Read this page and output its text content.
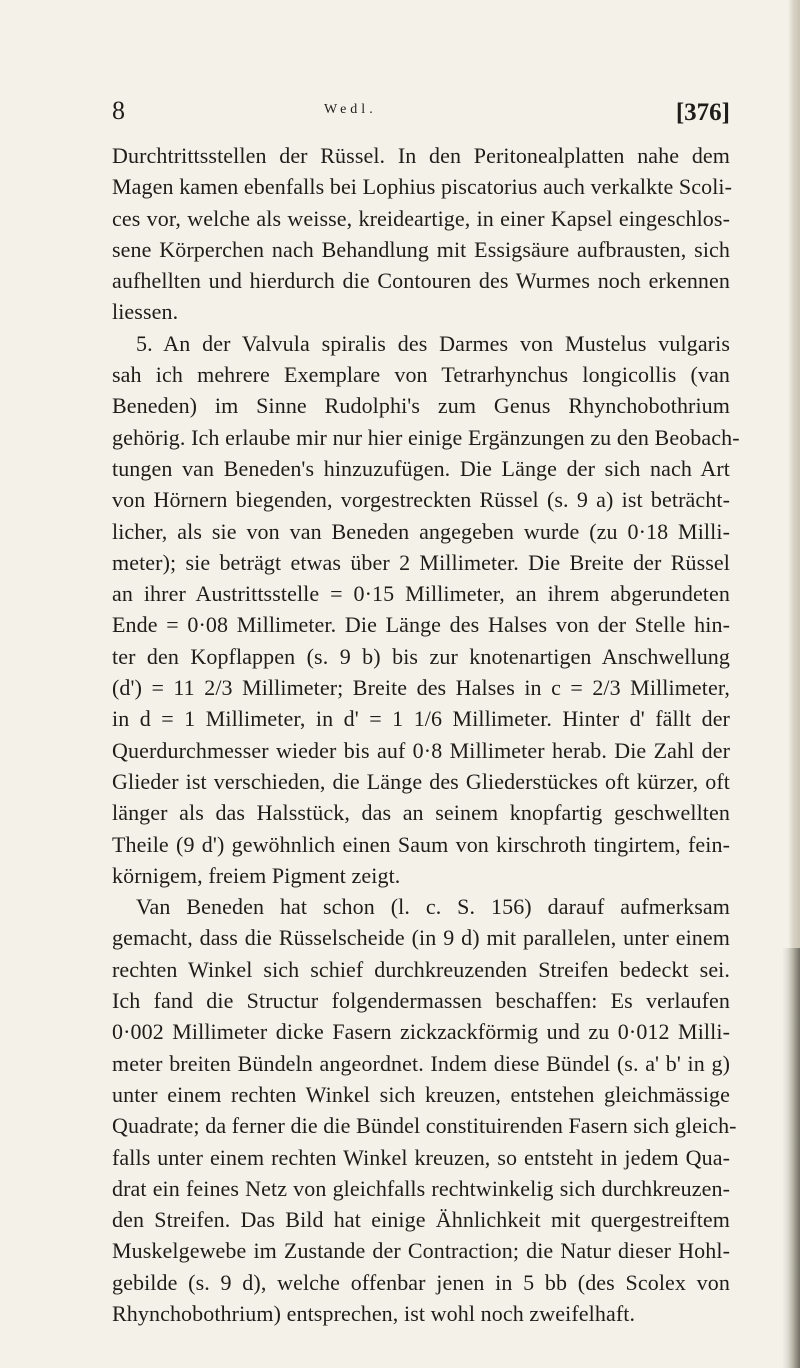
8	Wedl.	[376]
Durchtrittsstellen der Rüssel. In den Peritonealplatten nahe dem
Magen kamen ebenfalls bei Lophius piscatorius auch verkalkte Scoli-
ces vor, welche als weisse, kreideartige, in einer Kapsel eingeschlos-
sene Körperchen nach Behandlung mit Essigsäure aufbrausten, sich
aufhellten und hierdurch die Contouren des Wurmes noch erkennen
liessen.
5. An der Valvula spiralis des Darmes von Mustelus vulgaris
sah ich mehrere Exemplare von Tetrarhynchus longicollis (van
Beneden) im Sinne Rudolphi's zum Genus Rhynchobothrium
gehörig. Ich erlaube mir nur hier einige Ergänzungen zu den Beobach-
tungen van Beneden's hinzuzufügen. Die Länge der sich nach Art
von Hörnern biegenden, vorgestreckten Rüssel (s. 9 a) ist beträcht-
licher, als sie von van Beneden angegeben wurde (zu 0·18 Milli-
meter); sie beträgt etwas über 2 Millimeter. Die Breite der Rüssel
an ihrer Austrittsstelle = 0·15 Millimeter, an ihrem abgerundeten
Ende = 0·08 Millimeter. Die Länge des Halses von der Stelle hin-
ter den Kopflappen (s. 9 b) bis zur knotenartigen Anschwellung
(d') = 11 2/3 Millimeter; Breite des Halses in c = 2/3 Millimeter,
in d = 1 Millimeter, in d' = 1 1/6 Millimeter. Hinter d' fällt der
Querdurchmesser wieder bis auf 0·8 Millimeter herab. Die Zahl der
Glieder ist verschieden, die Länge des Gliederstückes oft kürzer, oft
länger als das Halsstück, das an seinem knopfartig geschwellten
Theile (9 d') gewöhnlich einen Saum von kirschroth tingirtem, fein-
körnigem, freiem Pigment zeigt.
Van Beneden hat schon (l. c. S. 156) darauf aufmerksam
gemacht, dass die Rüsselscheide (in 9 d) mit parallelen, unter einem
rechten Winkel sich schief durchkreuzenden Streifen bedeckt sei.
Ich fand die Structur folgendermassen beschaffen: Es verlaufen
0·002 Millimeter dicke Fasern zickzackförmig und zu 0·012 Milli-
meter breiten Bündeln angeordnet. Indem diese Bündel (s. a' b' in g)
unter einem rechten Winkel sich kreuzen, entstehen gleichmässige
Quadrate; da ferner die die Bündel constituirenden Fasern sich gleich-
falls unter einem rechten Winkel kreuzen, so entsteht in jedem Qua-
drat ein feines Netz von gleichfalls rechtwinkelig sich durchkreuzen-
den Streifen. Das Bild hat einige Ähnlichkeit mit quergestreiftem
Muskelgewebe im Zustande der Contraction; die Natur dieser Hohl-
gebilde (s. 9 d), welche offenbar jenen in 5 bb (des Scolex von
Rhynchobothrium) entsprechen, ist wohl noch zweifelhaft.
